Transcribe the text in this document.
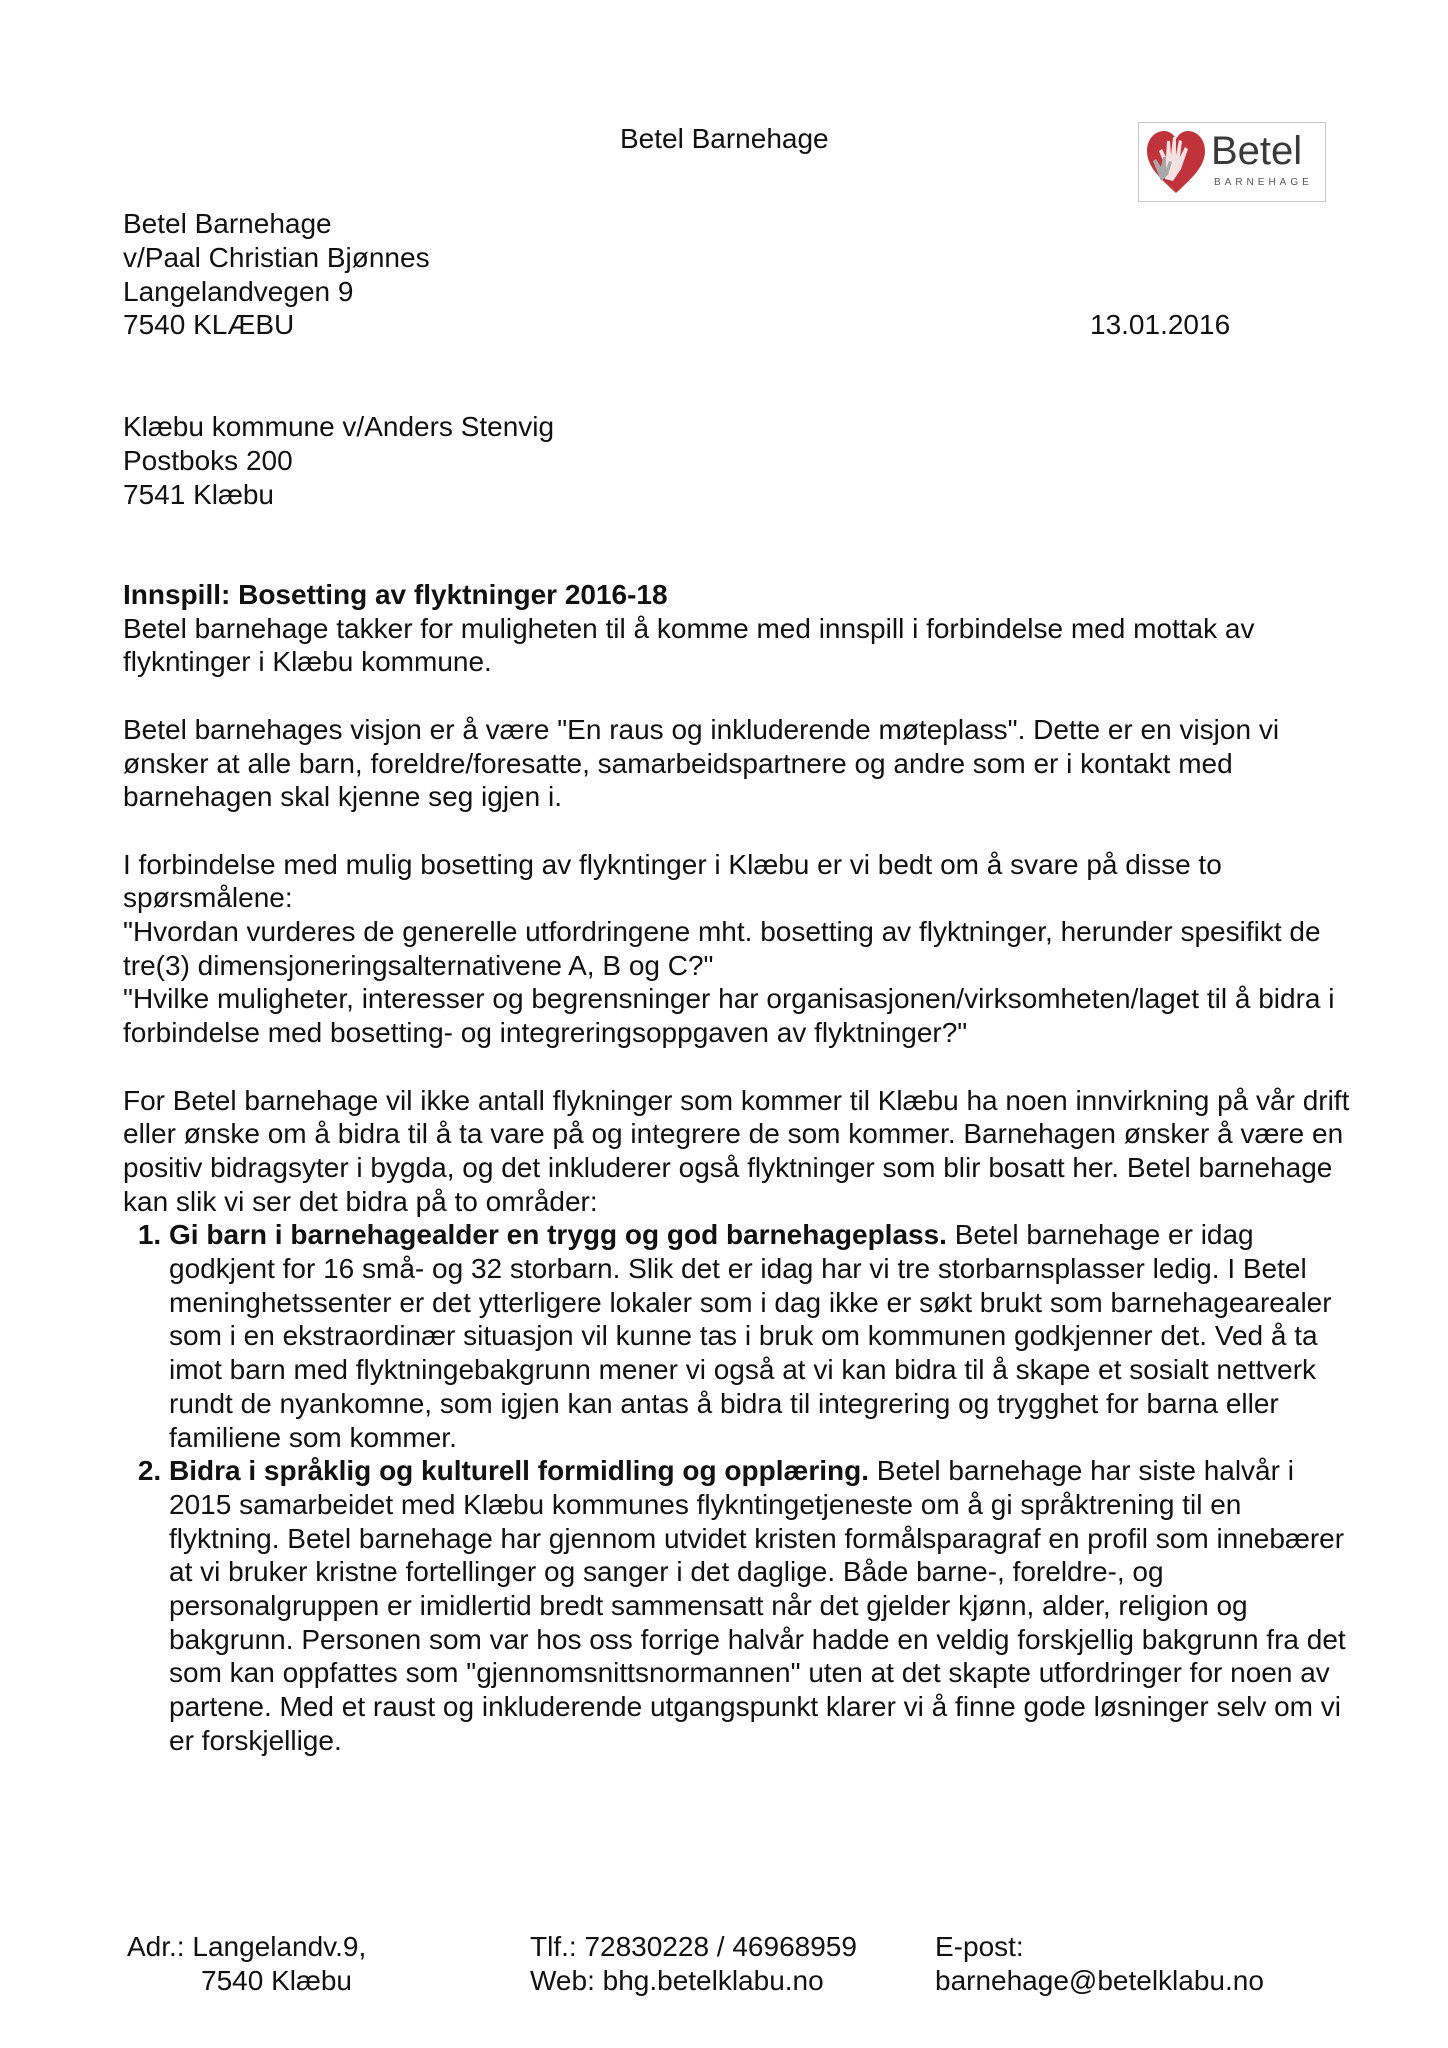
Betel Barnehage	Betel
BARNEHAGE
Betel Barnehage
v/Paal Christian Bjønnes
Langelandvegen 9
7540 KLÆBU	13.01.2016
Klæbu kommune v/Anders Stenvig
Postboks 200
7541 Klæbu

Innspill: Bosetting av flyktninger 2016-18

Betel barnehage takker for muligheten til å komme med innspill i forbindelse med mottak av flykntinger i Klæbu kommune.

Betel barnehages visjon er å være "En raus og inkluderende møteplass". Dette er en visjon vi ønsker at alle barn, foreldre/foresatte, samarbeidspartnere og andre som er i kontakt med barnehagen skal kjenne seg igjen i.

I forbindelse med mulig bosetting av flykntinger i Klæbu er vi bedt om å svare på disse to spørsmålene:

"Hvordan vurderes de generelle utfordringene mht. bosetting av flyktninger, herunder spesifikt de tre(3) dimensjoneringsalternativene A, B og C?"

"Hvilke muligheter, interesser og begrensninger har organisasjonen/virksomheten/laget til å bidra i forbindelse med bosetting- og integreringsoppgaven av flyktninger?"

For Betel barnehage vil ikke antall flykninger som kommer til Klæbu ha noen innvirkning på vår drift eller ønske om å bidra til å ta vare på og integrere de som kommer. Barnehagen ønsker å være en positiv bidragsyter i bygda, og det inkluderer også flyktninger som blir bosatt her. Betel barnehage kan slik vi ser det bidra på to områder:

1. Gi barn i barnehagealder en trygg og god barnehageplass. Betel barnehage er idag godkjent for 16 små- og 32 storbarn. Slik det er idag har vi tre storbarnsplasser ledig. I Betel meninghetssenter er det ytterligere lokaler som i dag ikke er søkt brukt som barnehagearealer som i en ekstraordinær situasjon vil kunne tas i bruk om kommunen godkjenner det. Ved å ta imot barn med flyktningebakgrunn mener vi også at vi kan bidra til å skape et sosialt nettverk rundt de nyankomne, som igjen kan antas å bidra til integrering og trygghet for barna eller familiene som kommer.
2. Bidra i språklig og kulturell formidling og opplæring. Betel barnehage har siste halvår i 2015 samarbeidet med Klæbu kommunes flykntingetjeneste om å gi språktrening til en flyktning. Betel barnehage har gjennom utvidet kristen formålsparagraf en profil som innebærer at vi bruker kristne fortellinger og sanger i det daglige. Både barne-, foreldre-, og personalgruppen er imidlertid bredt sammensatt når det gjelder kjønn, alder, religion og bakgrunn. Personen som var hos oss forrige halvår hadde en veldig forskjellig bakgrunn fra det som kan oppfattes som "gjennomsnittsnormannen" uten at det skapte utfordringer for noen av partene. Med et raust og inkluderende utgangspunkt klarer vi å finne gode løsninger selv om vi er forskjellige.
Adr.: Langelandv.9,
7540 Klæbu
Tlf.: 72830228 / 46968959
Web: bhg.betelklabu.no
E-post:
barnehage@betelklabu.no
